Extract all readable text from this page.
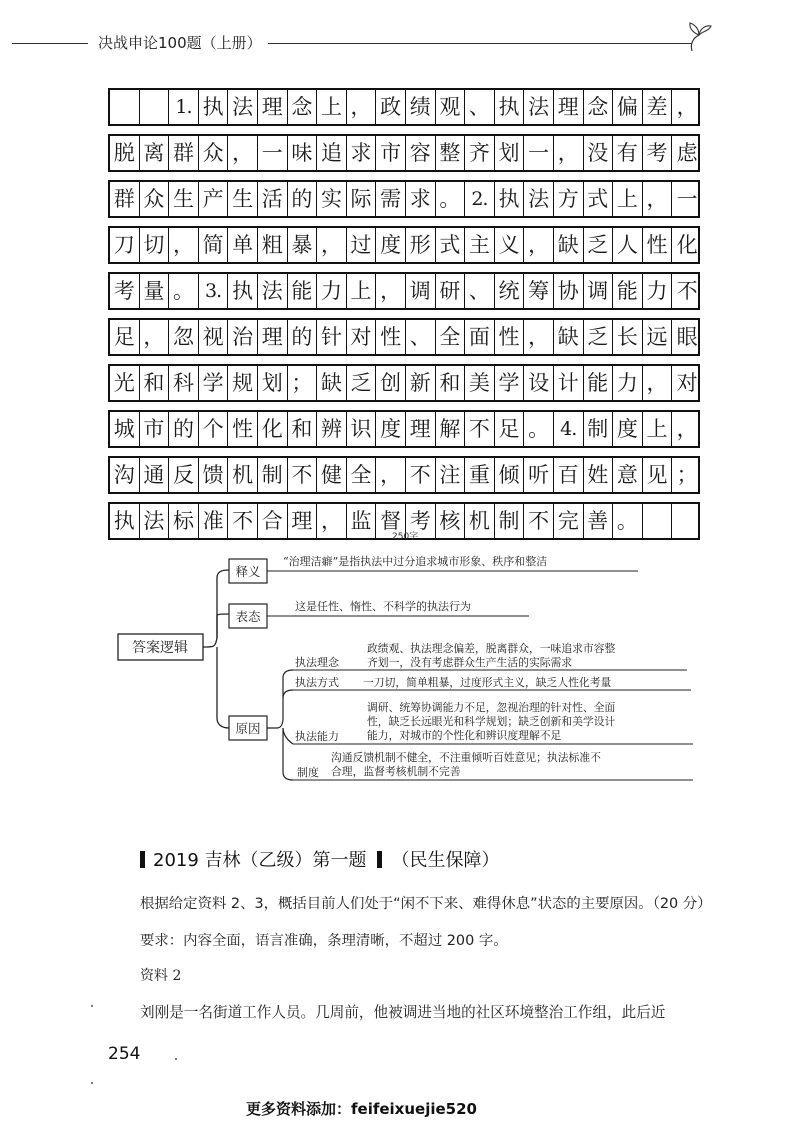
决战申论100题（上册）
1. 执 法 理 念 上 ， 政 绩 观 、 执 法 理 念 偏 差 ，
脱 离 群 众 ， 一 味 追 求 市 容 整 齐 划 一 ， 没 有 考 虑
群 众 生 产 生 活 的 实 际 需 求 。 2. 执 法 方 式 上 ， 一
刀 切 ， 简 单 粗 暴 ， 过 度 形 式 主 义 ， 缺 乏 人 性 化
考 量 。 3. 执 法 能 力 上 ， 调 研 、 统 筹 协 调 能 力 不
足 ， 忽 视 治 理 的 针 对 性 、 全 面 性 ， 缺 乏 长 远 眼
光 和 科 学 规 划 ； 缺 乏 创 新 和 美 学 设 计 能 力 ， 对
城 市 的 个 性 化 和 辨 识 度 理 解 不 足 。 4. 制 度 上 ，
沟 通 反 馈 机 制 不 健 全 ， 不 注 重 倾 听 百 姓 意 见 ；
执 法 标 准 不 合 理 ， 监 督 考 核 机 制 不 完 善 。
250字
答案逻辑
释义
“治理洁癖”是指执法中过分追求城市形象、秩序和整洁
表态
这是任性、惰性、不科学的执法行为
原因
执法理念
政绩观、执法理念偏差，脱离群众，一味追求市容整
齐划一，没有考虑群众生产生活的实际需求
执法方式 一刀切，简单粗暴，过度形式主义，缺乏人性化考量
执法能力
调研、统筹协调能力不足，忽视治理的针对性、全面
性，缺乏长远眼光和科学规划；缺乏创新和美学设计
能力，对城市的个性化和辨识度理解不足
制度
沟通反馈机制不健全，不注重倾听百姓意见；执法标准不
合理，监督考核机制不完善
2019 吉林（乙级）第一题 （民生保障）
根据给定资料 2、3，概括目前人们处于“闲不下来、难得休息”状态的主要原因。（20 分）
要求：内容全面，语言准确，条理清晰，不超过 200 字。
资料 2
刘刚是一名街道工作人员。几周前，他被调进当地的社区环境整治工作组，此后近
254
更多资料添加：feifeixuejie520
